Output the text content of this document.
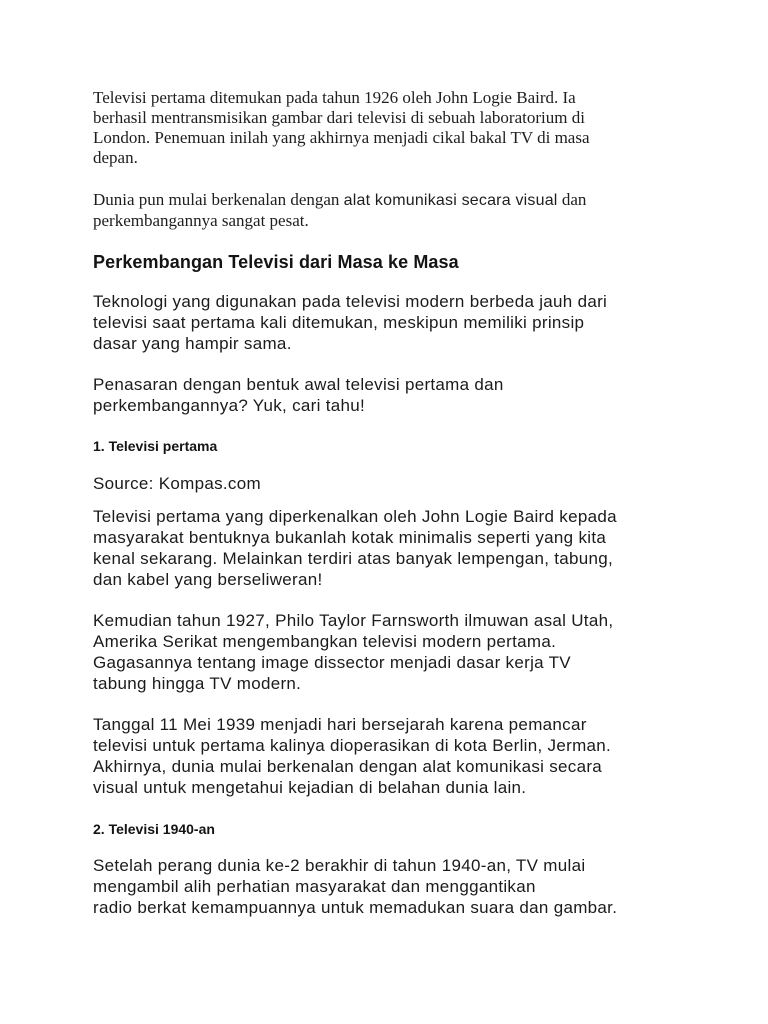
Televisi pertama ditemukan pada tahun 1926 oleh John Logie Baird. Ia
berhasil mentransmisikan gambar dari televisi di sebuah laboratorium di
London. Penemuan inilah yang akhirnya menjadi cikal bakal TV di masa
depan.
Dunia pun mulai berkenalan dengan alat komunikasi secara visual dan
perkembangannya sangat pesat.
Perkembangan Televisi dari Masa ke Masa
Teknologi yang digunakan pada televisi modern berbeda jauh dari
televisi saat pertama kali ditemukan, meskipun memiliki prinsip
dasar yang hampir sama.
Penasaran dengan bentuk awal televisi pertama dan
perkembangannya? Yuk, cari tahu!
1. Televisi pertama
Source: Kompas.com
Televisi pertama yang diperkenalkan oleh John Logie Baird kepada
masyarakat bentuknya bukanlah kotak minimalis seperti yang kita
kenal sekarang. Melainkan terdiri atas banyak lempengan, tabung,
dan kabel yang berseliweran!
Kemudian tahun 1927, Philo Taylor Farnsworth ilmuwan asal Utah,
Amerika Serikat mengembangkan televisi modern pertama.
Gagasannya tentang image dissector menjadi dasar kerja TV
tabung hingga TV modern.
Tanggal 11 Mei 1939 menjadi hari bersejarah karena pemancar
televisi untuk pertama kalinya dioperasikan di kota Berlin, Jerman.
Akhirnya, dunia mulai berkenalan dengan alat komunikasi secara
visual untuk mengetahui kejadian di belahan dunia lain.
2. Televisi 1940-an
Setelah perang dunia ke-2 berakhir di tahun 1940-an, TV mulai
mengambil alih perhatian masyarakat dan menggantikan
radio berkat kemampuannya untuk memadukan suara dan gambar.
